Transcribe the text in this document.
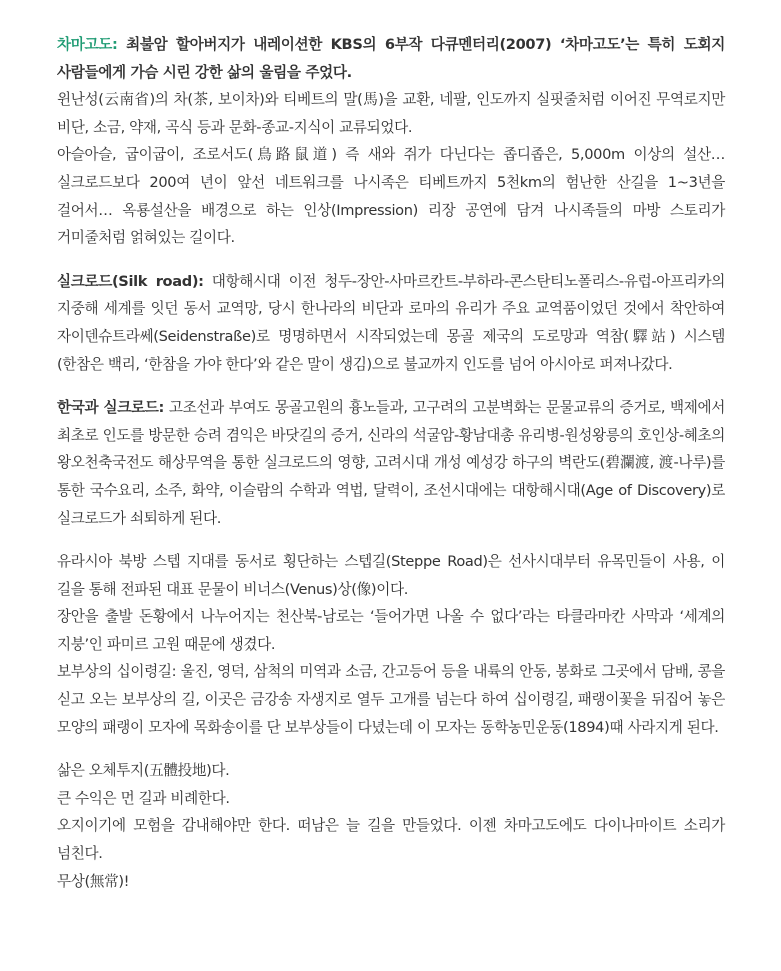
차마고도: 최불암 할아버지가 내레이션한 KBS의 6부작 다큐멘터리(2007) ‘차마고도’는 특히 도회지 사람들에게 가슴 시린 강한 삶의 울림을 주었다.
윈난성(云南省)의 차(茶, 보이차)와 티베트의 말(馬)을 교환, 네팔, 인도까지 실핏줄처럼 이어진 무역로지만 비단, 소금, 약재, 곡식 등과 문화-종교-지식이 교류되었다.
아슬아슬, 굽이굽이, 조로서도(鳥路鼠道) 즉 새와 쥐가 다닌다는 좁디좁은, 5,000m 이상의 설산… 실크로드보다 200여 년이 앞선 네트워크를 나시족은 티베트까지 5천km의 험난한 산길을 1~3년을 걸어서… 옥룡설산을 배경으로 하는 인상(Impression) 리장 공연에 담겨 나시족들의 마방 스토리가 거미줄처럼 얽혀있는 길이다.

실크로드(Silk road): 대항해시대 이전 청두-장안-사마르칸트-부하라-콘스탄티노폴리스-유럽-아프리카의 지중해 세계를 잇던 동서 교역망, 당시 한나라의 비단과 로마의 유리가 주요 교역품이었던 것에서 착안하여 자이덴슈트라쎄(Seidenstraße)로 명명하면서 시작되었는데 몽골 제국의 도로망과 역참(驛站) 시스템(한참은 백리, ‘한참을 가야 한다’와 같은 말이 생김)으로 불교까지 인도를 넘어 아시아로 퍼져나갔다.

한국과 실크로드: 고조선과 부여도 몽골고원의 흉노들과, 고구려의 고분벽화는 문물교류의 증거로, 백제에서 최초로 인도를 방문한 승려 겸익은 바닷길의 증거, 신라의 석굴암-황남대총 유리병-원성왕릉의 호인상-혜초의 왕오천축국전도 해상무역을 통한 실크로드의 영향, 고려시대 개성 예성강 하구의 벽란도(碧瀾渡, 渡-나루)를 통한 국수요리, 소주, 화약, 이슬람의 수학과 역법, 달력이, 조선시대에는 대항해시대(Age of Discovery)로 실크로드가 쇠퇴하게 된다.

유라시아 북방 스텝 지대를 동서로 횡단하는 스텝길(Steppe Road)은 선사시대부터 유목민들이 사용, 이 길을 통해 전파된 대표 문물이 비너스(Venus)상(像)이다.
장안을 출발 돈황에서 나누어지는 천산북-남로는 ‘들어가면 나올 수 없다’라는 타클라마칸 사막과 ‘세계의 지붕’인 파미르 고원 때문에 생겼다.
보부상의 십이령길: 울진, 영덕, 삼척의 미역과 소금, 간고등어 등을 내륙의 안동, 봉화로 그곳에서 담배, 콩을 싣고 오는 보부상의 길, 이곳은 금강송 자생지로 열두 고개를 넘는다 하여 십이령길, 패랭이꽃을 뒤집어 놓은 모양의 패랭이 모자에 목화송이를 단 보부상들이 다녔는데 이 모자는 동학농민운동(1894)때 사라지게 된다.

삶은 오체투지(五體投地)다.
큰 수익은 먼 길과 비례한다.
오지이기에 모험을 감내해야만 한다. 떠남은 늘 길을 만들었다. 이젠 차마고도에도 다이나마이트 소리가 넘친다.
무상(無常)!
